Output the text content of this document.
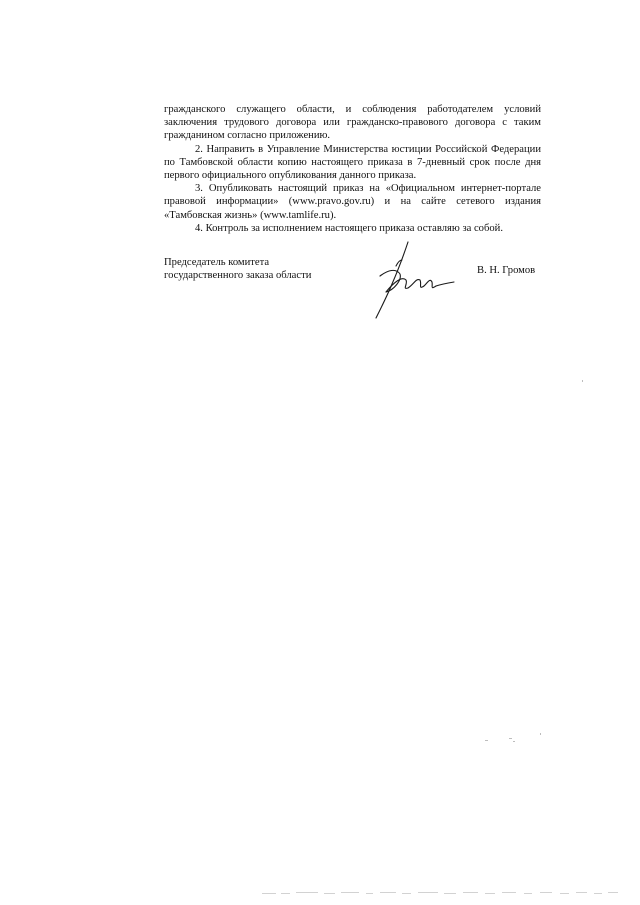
гражданского служащего области, и соблюдения работодателем условий заключения трудового договора или гражданско-правового договора с таким гражданином согласно приложению.

2. Направить в Управление Министерства юстиции Российской Федерации по Тамбовской области копию настоящего приказа в 7-дневный срок после дня первого официального опубликования данного приказа.

3. Опубликовать настоящий приказ на «Официальном интернет-портале правовой информации» (www.pravo.gov.ru) и на сайте сетевого издания «Тамбовская жизнь» (www.tamlife.ru).

4. Контроль за исполнением настоящего приказа оставляю за собой.

Председатель комитета
государственного заказа области	В. Н. Громов
